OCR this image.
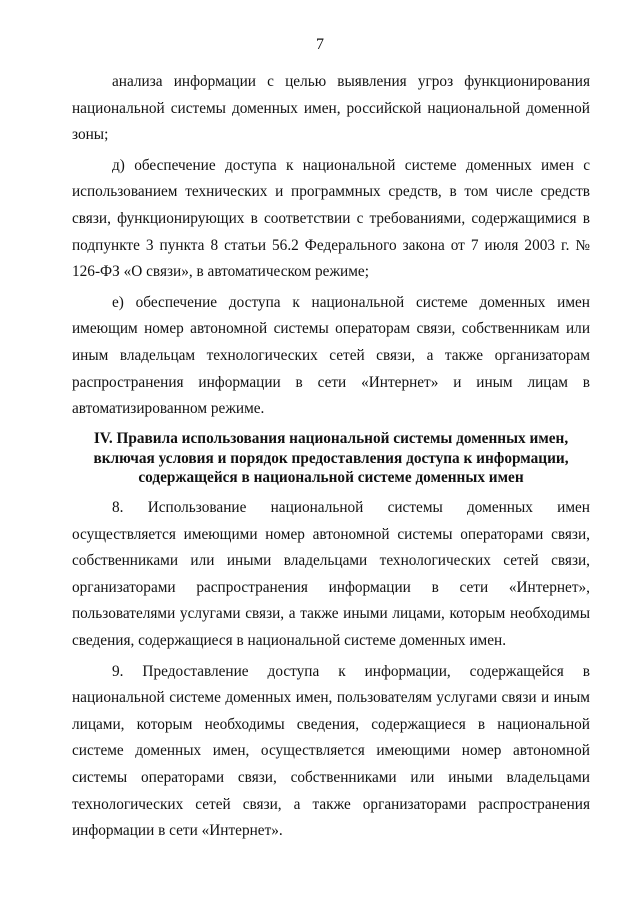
7

анализа информации с целью выявления угроз функционирования национальной системы доменных имен, российской национальной доменной зоны;

д) обеспечение доступа к национальной системе доменных имен с использованием технических и программных средств, в том числе средств связи, функционирующих в соответствии с требованиями, содержащимися в подпункте 3 пункта 8 статьи 56.2 Федерального закона от 7 июля 2003 г. № 126-ФЗ «О связи», в автоматическом режиме;

е) обеспечение доступа к национальной системе доменных имен имеющим номер автономной системы операторам связи, собственникам или иным владельцам технологических сетей связи, а также организаторам распространения информации в сети «Интернет» и иным лицам в автоматизированном режиме.

IV. Правила использования национальной системы доменных имен, включая условия и порядок предоставления доступа к информации, содержащейся в национальной системе доменных имен

8. Использование национальной системы доменных имен осуществляется имеющими номер автономной системы операторами связи, собственниками или иными владельцами технологических сетей связи, организаторами распространения информации в сети «Интернет», пользователями услугами связи, а также иными лицами, которым необходимы сведения, содержащиеся в национальной системе доменных имен.

9. Предоставление доступа к информации, содержащейся в национальной системе доменных имен, пользователям услугами связи и иным лицами, которым необходимы сведения, содержащиеся в национальной системе доменных имен, осуществляется имеющими номер автономной системы операторами связи, собственниками или иными владельцами технологических сетей связи, а также организаторами распространения информации в сети «Интернет».
